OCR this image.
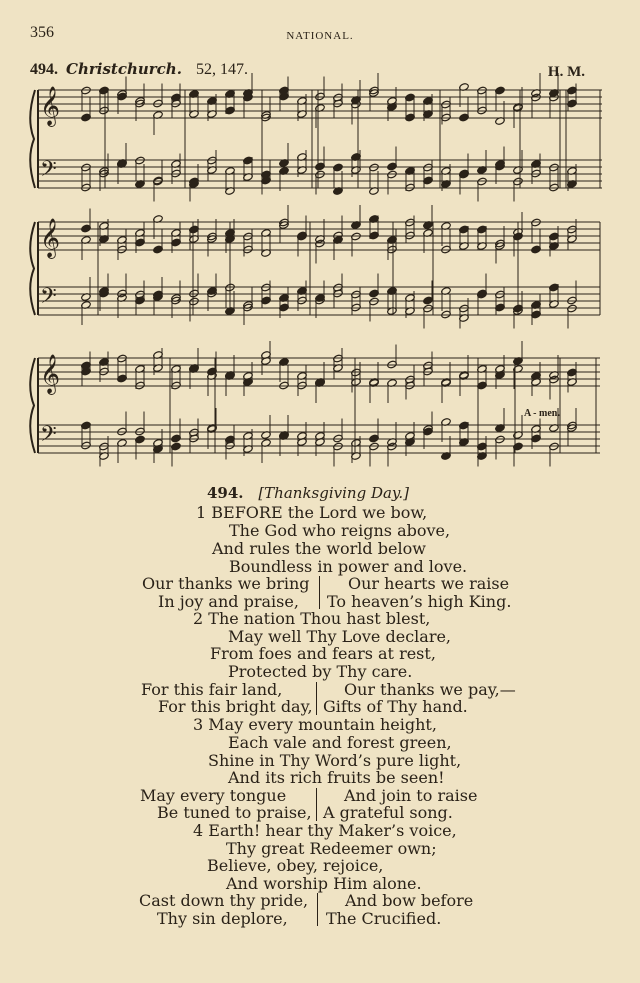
356	NATIONAL.
494. Christchurch. 52, 147.	H. M.
𝄞
𝄢
𝄞
𝄢
𝄞
𝄢
A - men.
494. [Thanksgiving Day.]
1 BEFORE the Lord we bow,
The God who reigns above,
And rules the world below
Boundless in power and love.
Our thanks we bring
In joy and praise,
Our hearts we raise
To heaven’s high King.
2 The nation Thou hast blest,
May well Thy Love declare,
From foes and fears at rest,
Protected by Thy care.
For this fair land,
For this bright day,
Our thanks we pay,—
Gifts of Thy hand.
3 May every mountain height,
Each vale and forest green,
Shine in Thy Word’s pure light,
And its rich fruits be seen!
May every tongue
Be tuned to praise,
And join to raise
A grateful song.
4 Earth! hear thy Maker’s voice,
Thy great Redeemer own;
Believe, obey, rejoice,
And worship Him alone.
Cast down thy pride,
Thy sin deplore,
And bow before
The Crucified.
